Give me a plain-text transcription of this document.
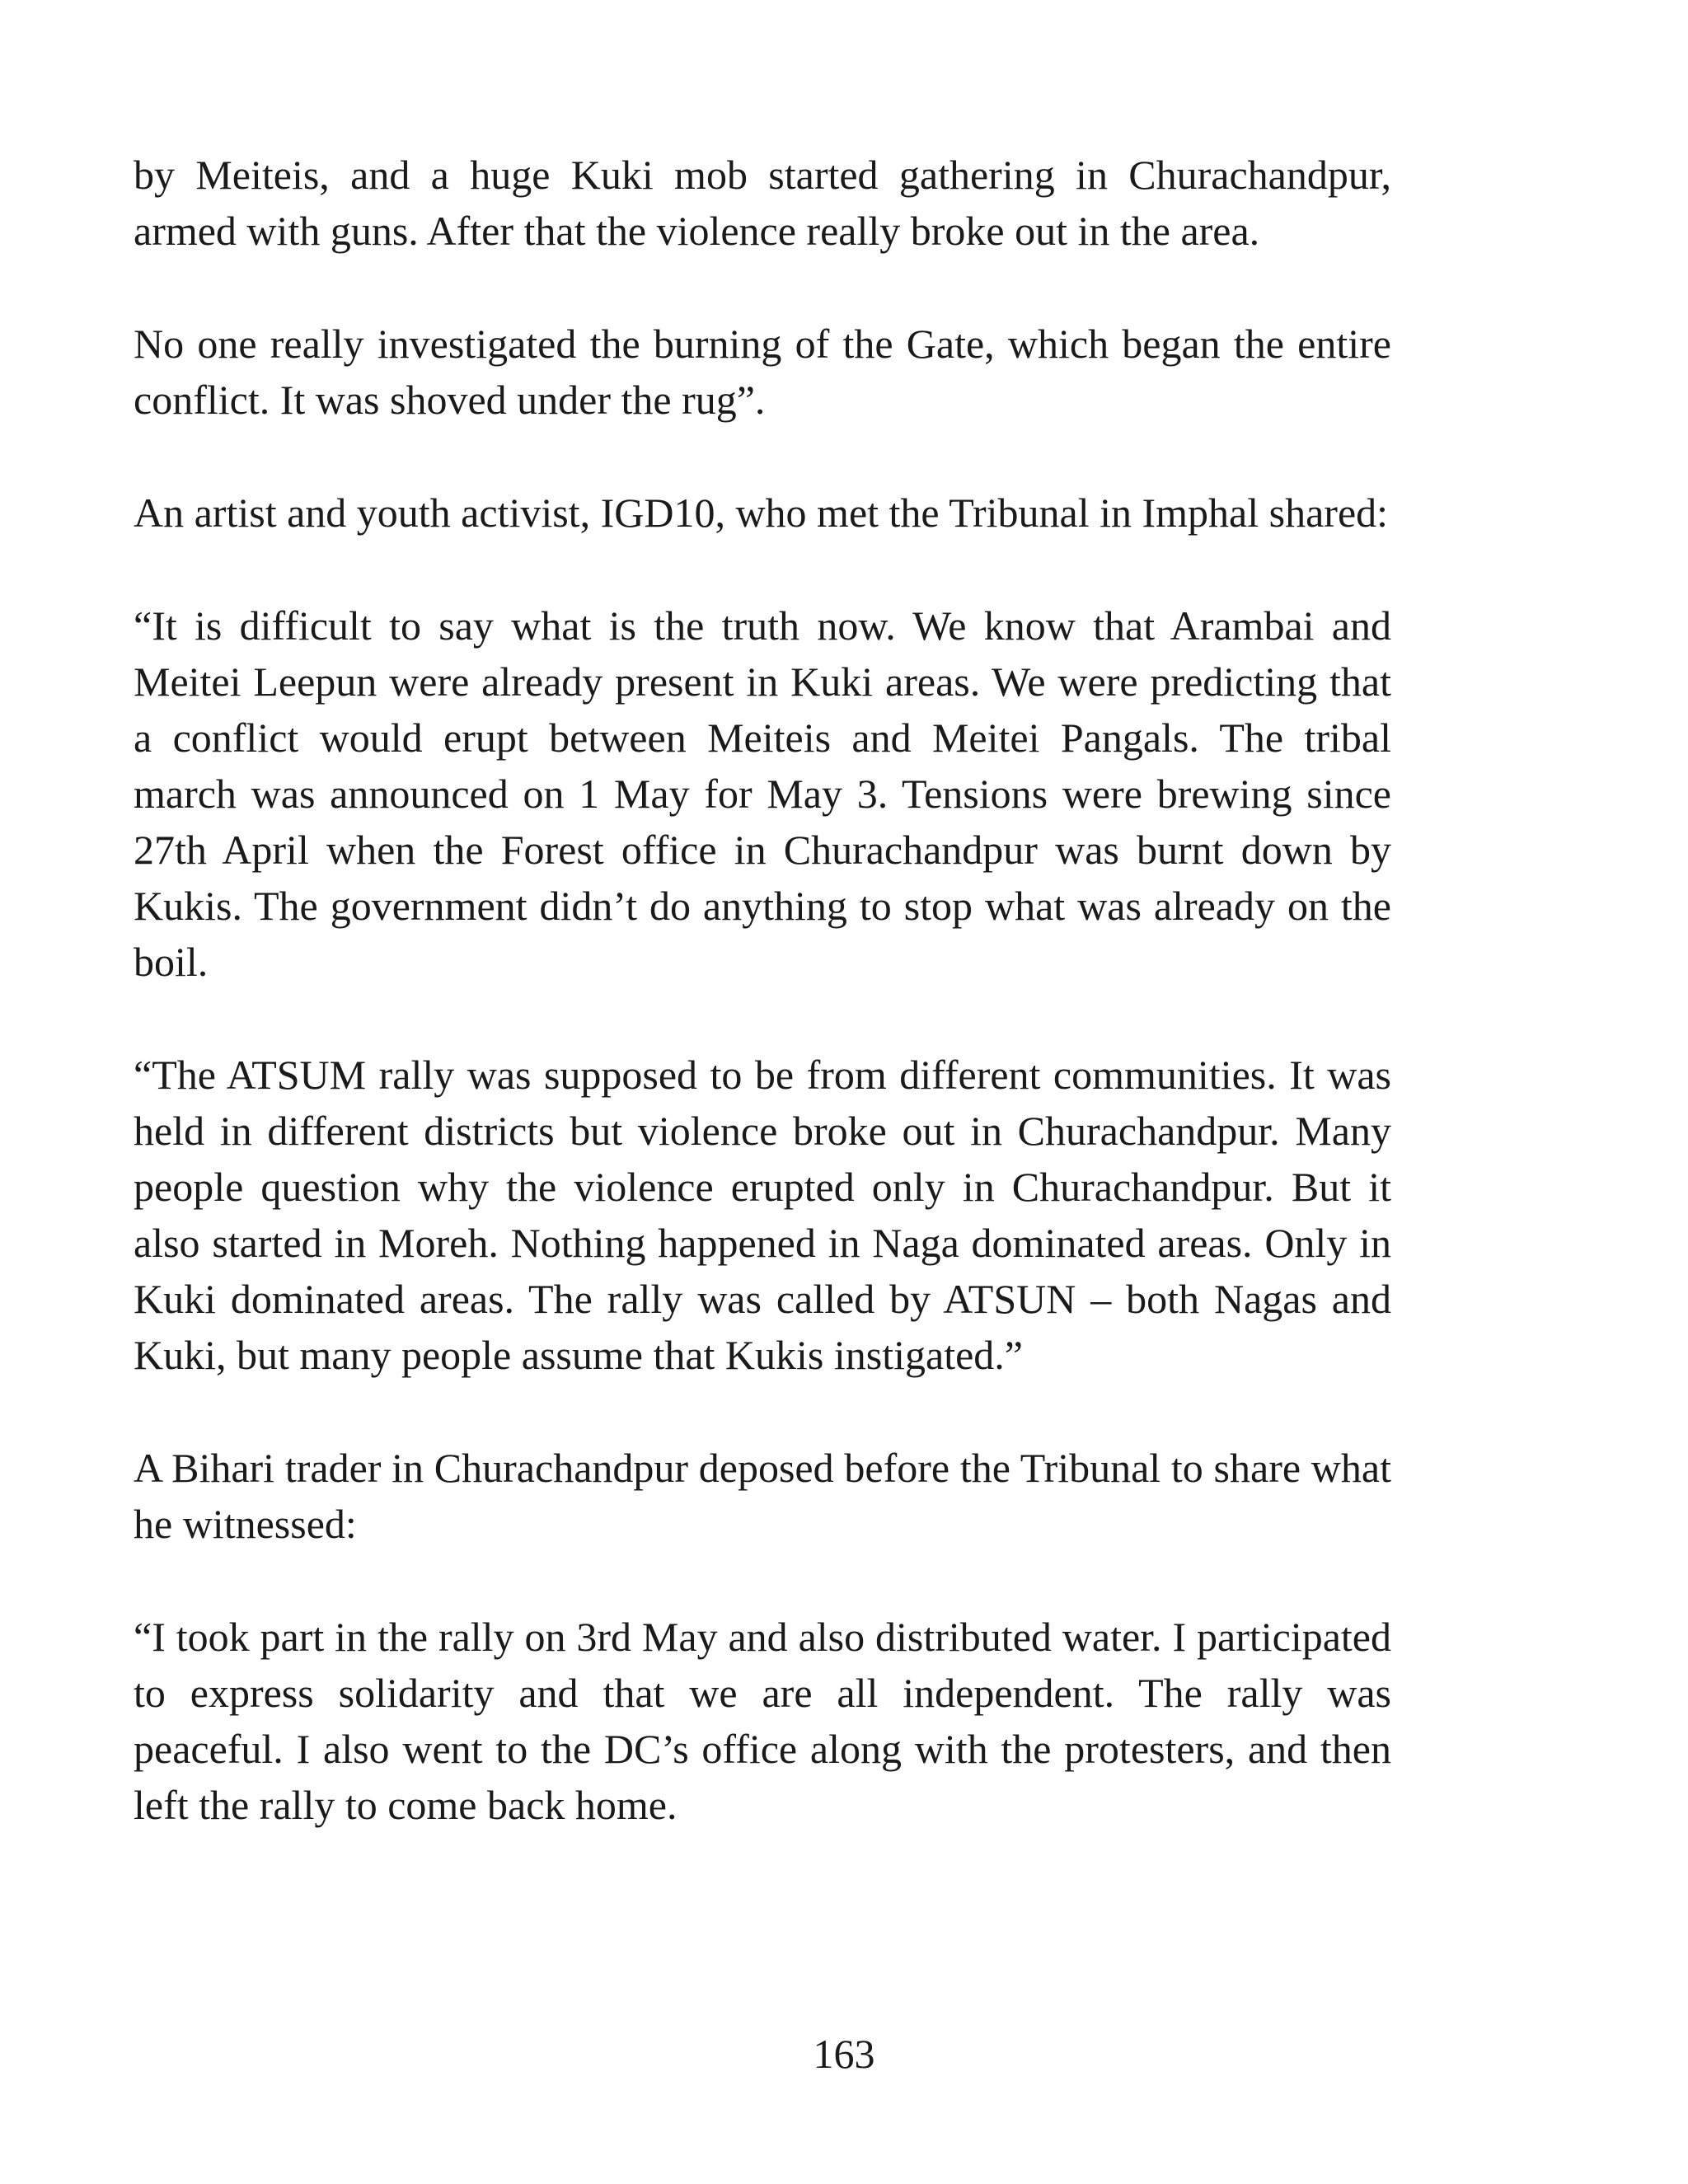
by Meiteis, and a huge Kuki mob started gathering in Churachandpur, armed with guns. After that the violence really broke out in the area.

No one really investigated the burning of the Gate, which began the entire conflict. It was shoved under the rug”.

An artist and youth activist, IGD10, who met the Tribunal in Imphal shared:

“It is difficult to say what is the truth now. We know that Arambai and Meitei Leepun were already present in Kuki areas. We were predicting that a conflict would erupt between Meiteis and Meitei Pangals. The tribal march was announced on 1 May for May 3. Tensions were brewing since 27th April when the Forest office in Churachandpur was burnt down by Kukis. The government didn’t do anything to stop what was already on the boil.

“The ATSUM rally was supposed to be from different communities. It was held in different districts but violence broke out in Churachandpur. Many people question why the violence erupted only in Churachandpur. But it also started in Moreh. Nothing happened in Naga dominated areas. Only in Kuki dominated areas. The rally was called by ATSUN – both Nagas and Kuki, but many people assume that Kukis instigated.”

A Bihari trader in Churachandpur deposed before the Tribunal to share what he witnessed:

“I took part in the rally on 3rd May and also distributed water. I participated to express solidarity and that we are all independent. The rally was peaceful. I also went to the DC’s office along with the protesters, and then left the rally to come back home.

163
